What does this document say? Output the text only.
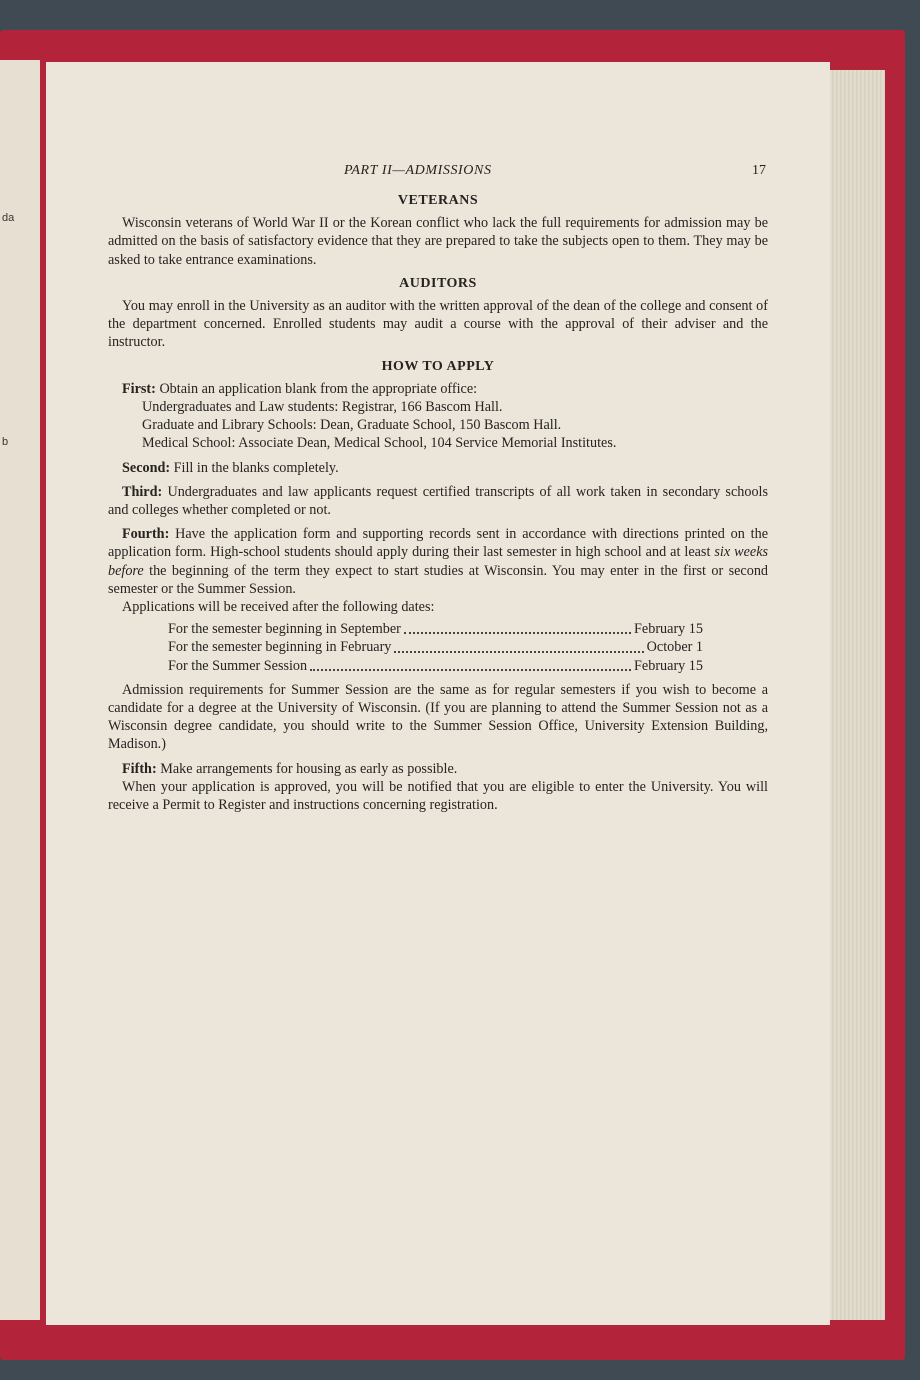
da
b
PART II—ADMISSIONS	17
VETERANS

Wisconsin veterans of World War II or the Korean conflict who lack the full requirements for admission may be admitted on the basis of satisfactory evidence that they are prepared to take the subjects open to them. They may be asked to take entrance examinations.

AUDITORS

You may enroll in the University as an auditor with the written approval of the dean of the college and consent of the department concerned. Enrolled students may audit a course with the approval of their adviser and the instructor.

HOW TO APPLY

First: Obtain an application blank from the appropriate office:

Undergraduates and Law students: Registrar, 166 Bascom Hall.
Graduate and Library Schools: Dean, Graduate School, 150 Bascom Hall.
Medical School: Associate Dean, Medical School, 104 Service Memorial Institutes.

Second: Fill in the blanks completely.

Third: Undergraduates and law applicants request certified transcripts of all work taken in secondary schools and colleges whether completed or not.

Fourth: Have the application form and supporting records sent in accordance with directions printed on the application form. High-school students should apply during their last semester in high school and at least six weeks before the beginning of the term they expect to start studies at Wisconsin. You may enter in the first or second semester or the Summer Session.

Applications will be received after the following dates:

For the semester beginning in September	February 15
For the semester beginning in February	October 1
For the Summer Session	February 15

Admission requirements for Summer Session are the same as for regular semesters if you wish to become a candidate for a degree at the University of Wisconsin. (If you are planning to attend the Summer Session not as a Wisconsin degree candidate, you should write to the Summer Session Office, University Extension Building, Madison.)

Fifth: Make arrangements for housing as early as possible.

When your application is approved, you will be notified that you are eligible to enter the University. You will receive a Permit to Register and instructions concerning registration.
